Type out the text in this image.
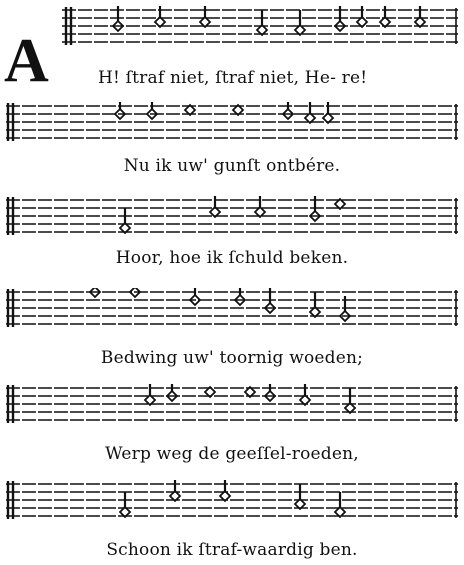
A	H! ſtraf niet, ſtraf niet, He- re!
Nu ik uw' gunſt ontbére.
Hoor, hoe ik ſchuld beken.
Bedwing uw' toornig woeden;
Werp weg de geeſſel-roeden,
Schoon ik ſtraf-waardig ben.
